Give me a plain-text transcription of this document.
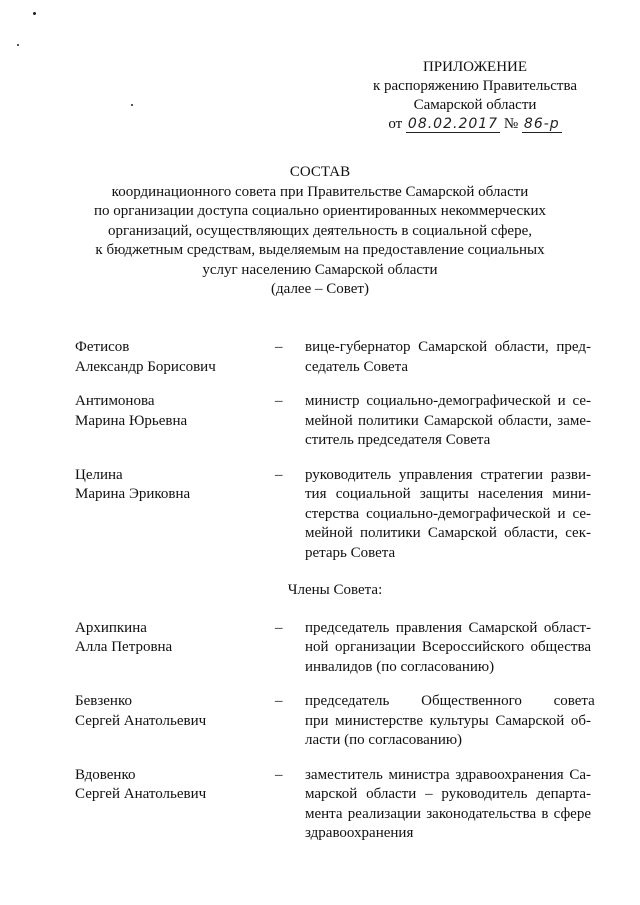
ПРИЛОЖЕНИЕ
к распоряжению Правительства
Самарской области
от 08.02.2017 № 86-р
СОСТАВ
координационного совета при Правительстве Самарской области
по организации доступа социально ориентированных некоммерческих
организаций, осуществляющих деятельность в социальной сфере,
к бюджетным средствам, выделяемым на предоставление социальных
услуг населению Самарской области
(далее – Совет)
Фетисов
Александр Борисович
–	вице-губернатор Самарской области, пред-
седатель Совета
Антимонова
Марина Юрьевна
–	министр социально-демографической и се-
мейной политики Самарской области, заме-
ститель председателя Совета
Целина
Марина Эриковна
–	руководитель управления стратегии разви-
тия социальной защиты населения мини-
стерства социально-демографической и се-
мейной политики Самарской области, сек-
ретарь Совета
Члены Совета:
Архипкина
Алла Петровна
–	председатель правления Самарской област-
ной организации Всероссийского общества
инвалидов (по согласованию)
Бевзенко
Сергей Анатольевич
–	председатель Общественного совета
при министерстве культуры Самарской об-
ласти (по согласованию)
Вдовенко
Сергей Анатольевич
–	заместитель министра здравоохранения Са-
марской области – руководитель департа-
мента реализации законодательства в сфере
здравоохранения
